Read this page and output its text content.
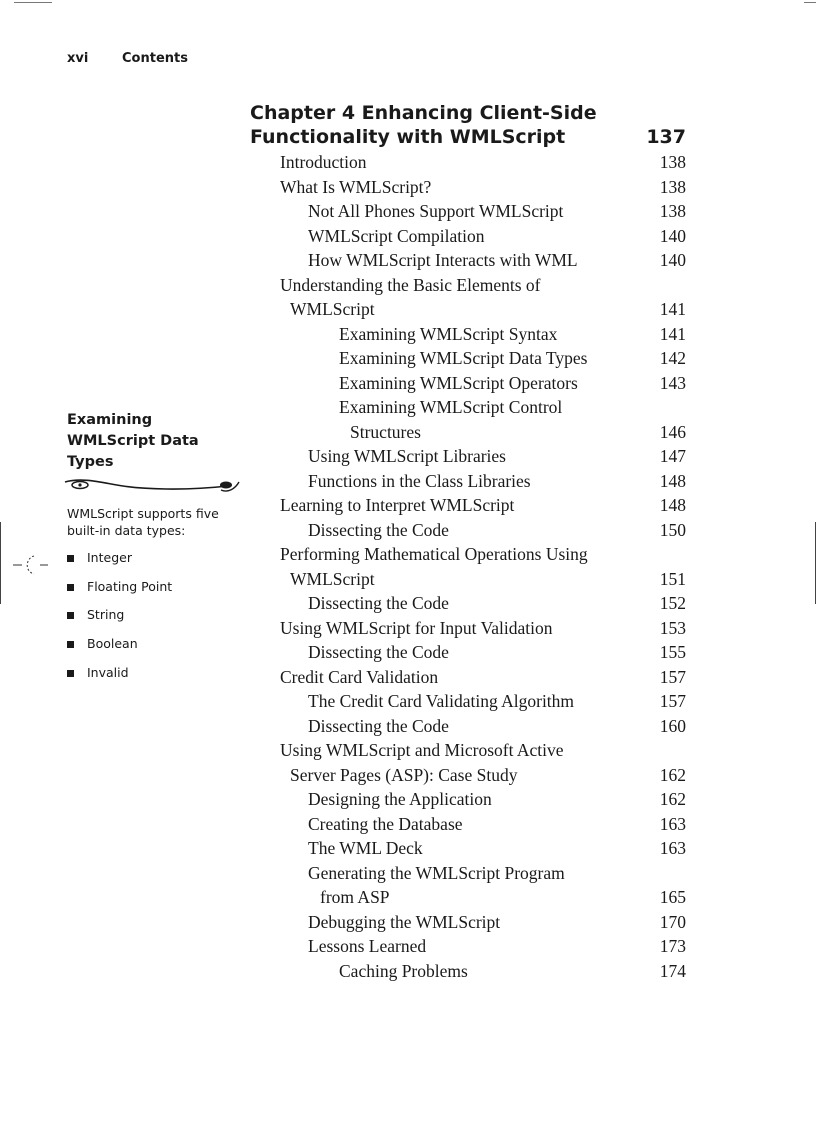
xvi	Contents
Chapter 4 Enhancing Client-Side
Functionality with WMLScript	137
Introduction	138
What Is WMLScript?	138
Not All Phones Support WMLScript	138
WMLScript Compilation	140
How WMLScript Interacts with WML	140
Understanding the Basic Elements of
WMLScript	141
Examining WMLScript Syntax	141
Examining WMLScript Data Types	142
Examining WMLScript Operators	143
Examining WMLScript Control
Structures	146
Using WMLScript Libraries	147
Functions in the Class Libraries	148
Learning to Interpret WMLScript	148
Dissecting the Code	150
Performing Mathematical Operations Using
WMLScript	151
Dissecting the Code	152
Using WMLScript for Input Validation	153
Dissecting the Code	155
Credit Card Validation	157
The Credit Card Validating Algorithm	157
Dissecting the Code	160
Using WMLScript and Microsoft Active
Server Pages (ASP): Case Study	162
Designing the Application	162
Creating the Database	163
The WML Deck	163
Generating the WMLScript Program
from ASP	165
Debugging the WMLScript	170
Lessons Learned	173
Caching Problems	174
Examining WMLScript Data Types

WMLScript supports five built-in data types:

Integer
Floating Point
String
Boolean
Invalid
